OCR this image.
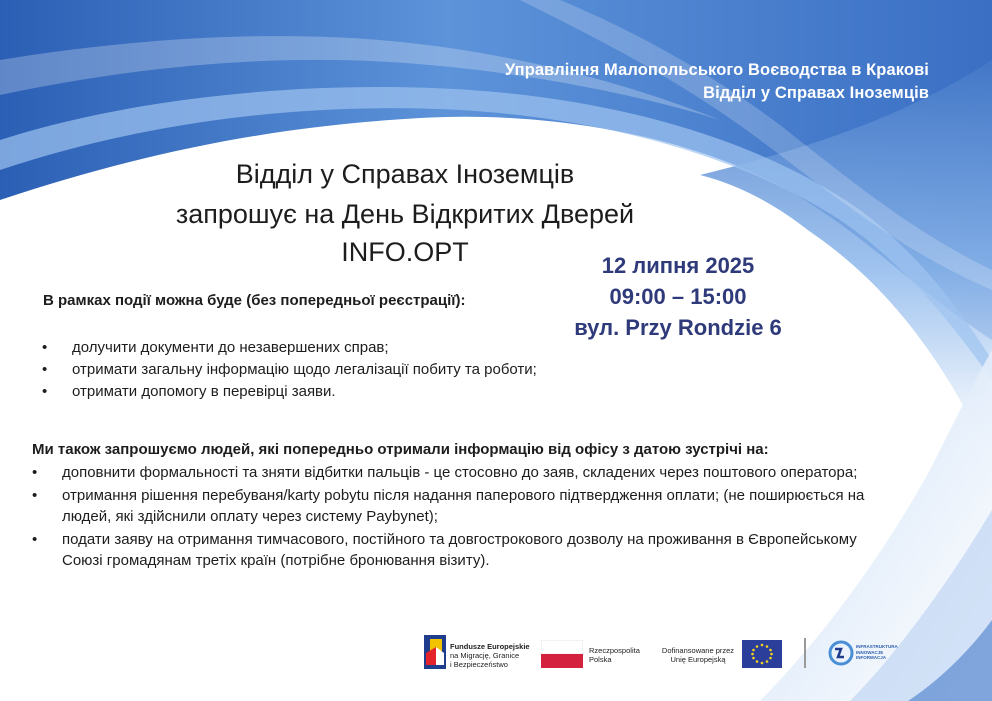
Управління Малопольського Воєводства в Кракові
Відділ у Справах Іноземців
Відділ у Справах Іноземців
запрошує на День Відкритих Дверей
INFO.OPT	12 липня 2025
09:00 – 15:00
вул. Przy Rondzie 6
В рамках події можна буде (без попередньої реєстрації):
• долучити документи до незавершених справ;
• отримати загальну інформацію щодо легалізації побиту та роботи;
• отримати допомогу в перевірці заяви.
Ми також запрошуємо людей, які попередньо отримали інформацію від офісу з датою зустрічі на:
• доповнити формальності та зняти відбитки пальців - це стосовно до заяв, складених через поштового оператора;
• отримання рішення перебуваня/karty pobytu після надання паперового підтвердження оплати; (не поширюється на людей, які здійснили оплату через систему Paybynet);
• подати заяву на отримання тимчасового, постійного та довгострокового дозволу на проживання в Європейському Союзі громадянам третіх країн (потрібне бронювання візиту).
Fundusze Europejskie
na Migrację, Granice
i Bezpieczeństwo
Rzeczpospolita
Polska
Dofinansowane przez
Unię Europejską
INFRASTRUKTURA
INNOWACJE
INFORMACJA
